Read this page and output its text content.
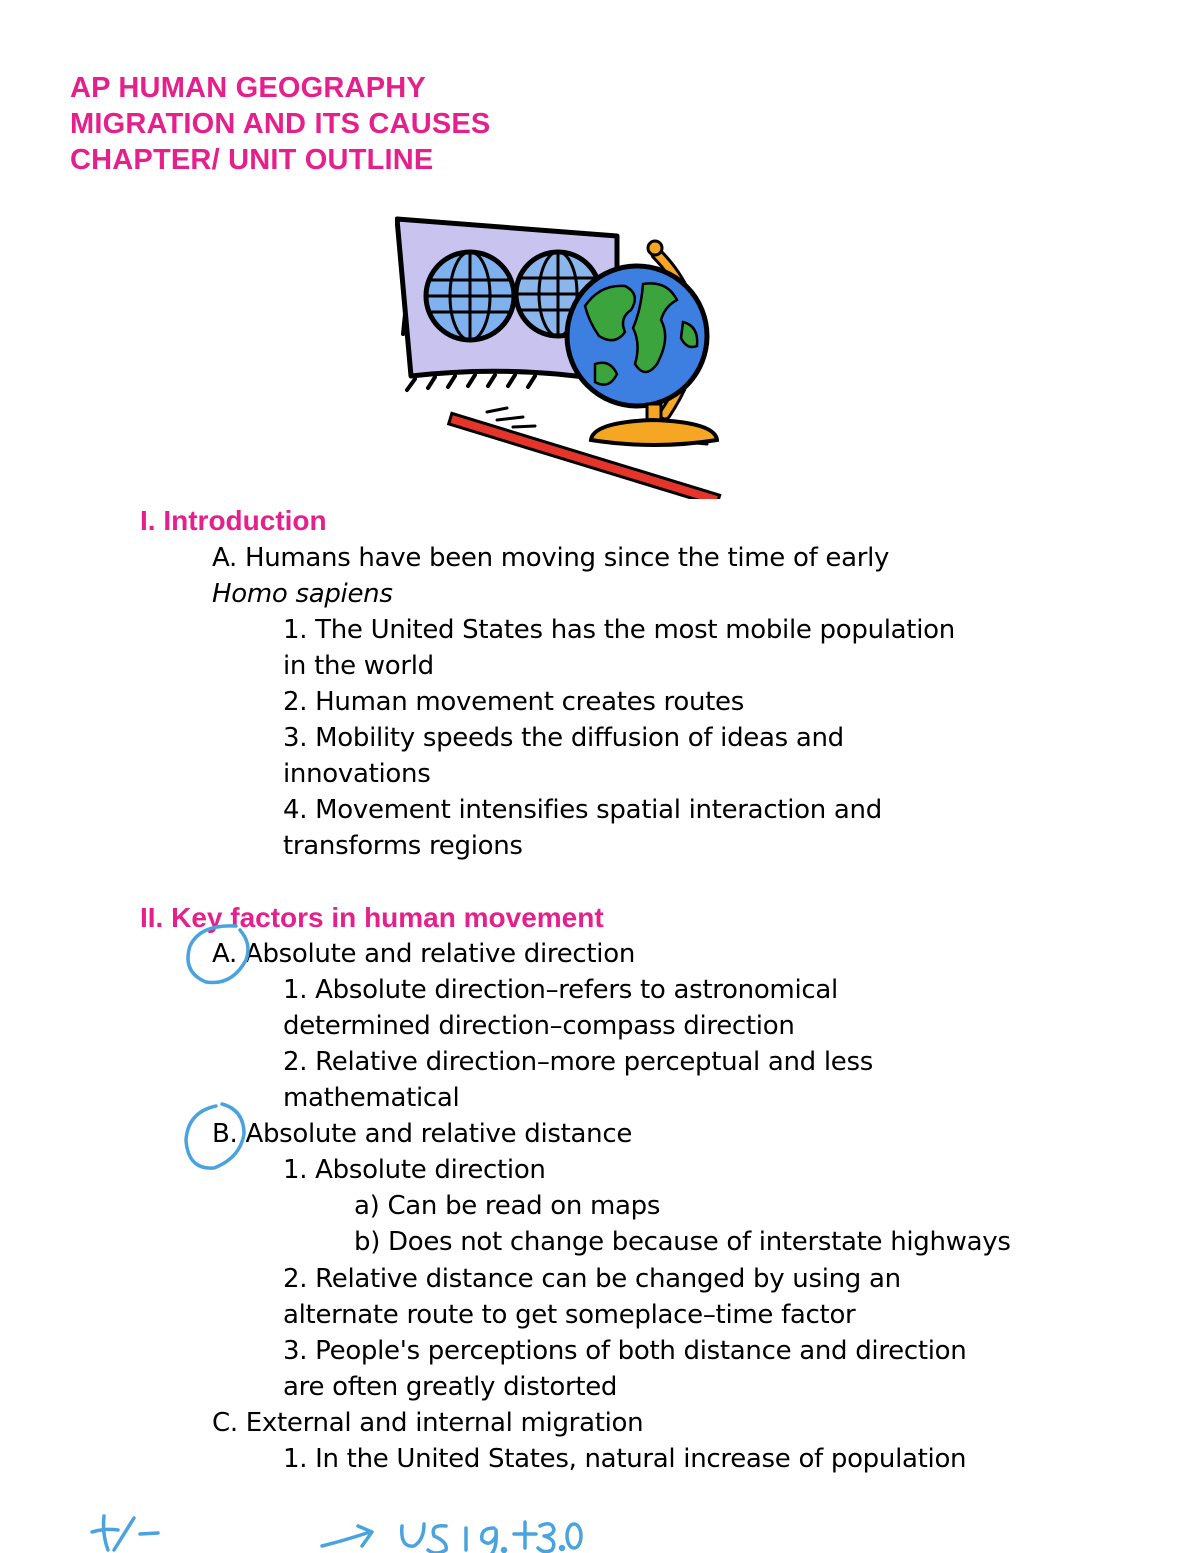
AP HUMAN GEOGRAPHY
MIGRATION AND ITS CAUSES
CHAPTER/ UNIT OUTLINE
I. Introduction
A. Humans have been moving since the time of early
Homo sapiens
1. The United States has the most mobile population
in the world
2. Human movement creates routes
3. Mobility speeds the diffusion of ideas and
innovations
4. Movement intensifies spatial interaction and
transforms regions
II. Key factors in human movement
A. Absolute and relative direction
1. Absolute direction–refers to astronomical
determined direction–compass direction
2. Relative direction–more perceptual and less
mathematical
B. Absolute and relative distance
1. Absolute direction
a) Can be read on maps
b) Does not change because of interstate highways
2. Relative distance can be changed by using an
alternate route to get someplace–time factor
3. People's perceptions of both distance and direction
are often greatly distorted
C. External and internal migration
1. In the United States, natural increase of population
